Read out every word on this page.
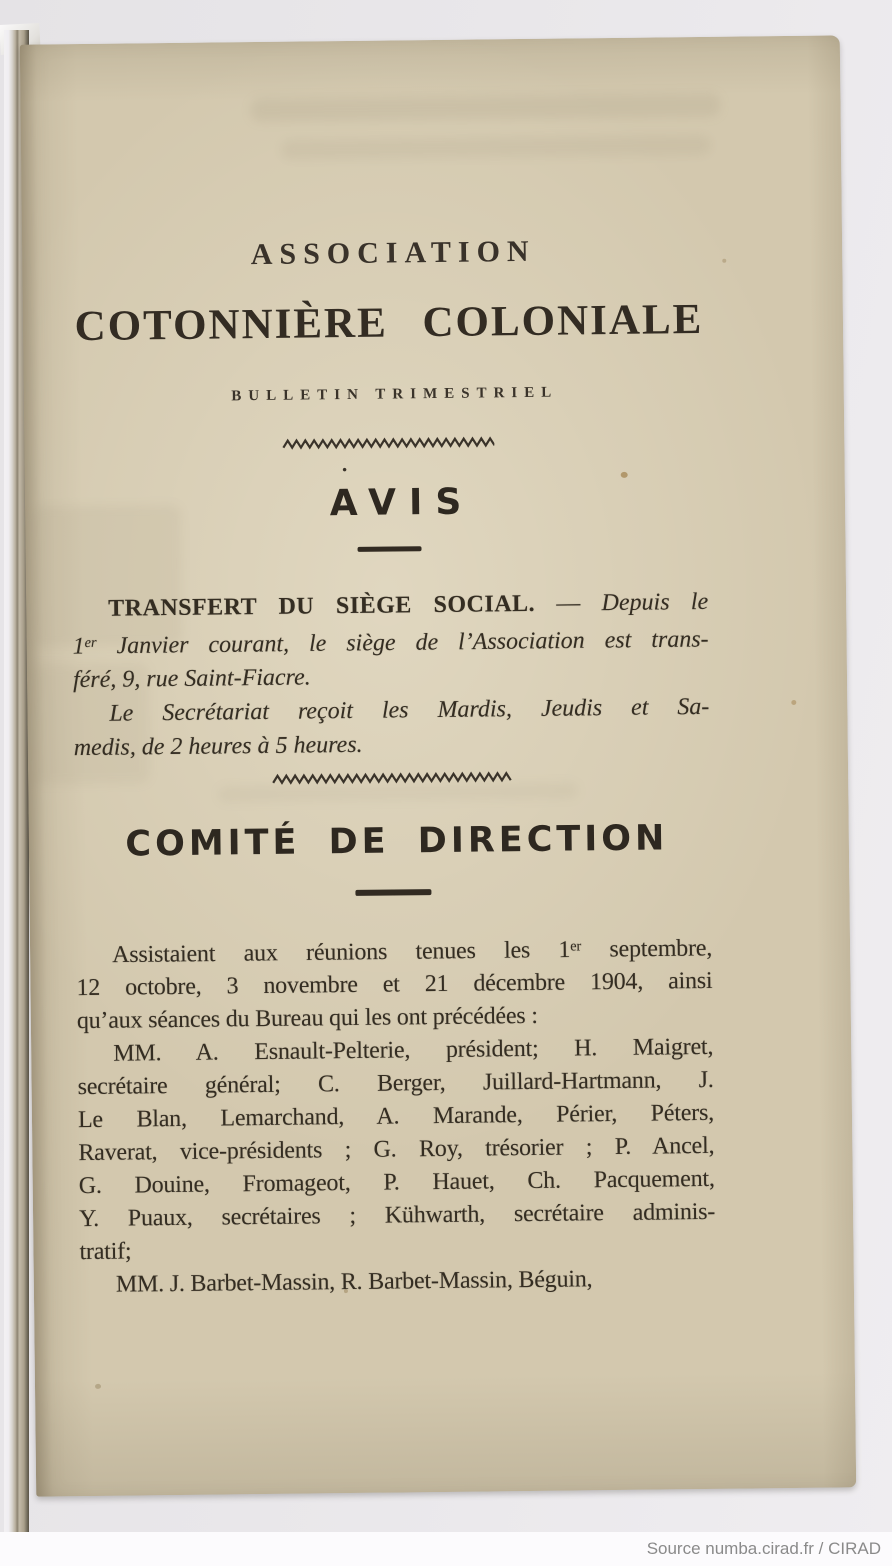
ASSOCIATION
COTONNIÈRE COLONIALE
BULLETIN TRIMESTRIEL
.
AVIS
TRANSFERT DU SIÈGE SOCIAL. — Depuis le
1er Janvier courant, le siège de l’Association est trans-
féré, 9, rue Saint-Fiacre.
Le Secrétariat reçoit les Mardis, Jeudis et Sa-
medis, de 2 heures à 5 heures.
COMITÉ DE DIRECTION
Assistaient aux réunions tenues les 1er septembre,
12 octobre, 3 novembre et 21 décembre 1904, ainsi
qu’aux séances du Bureau qui les ont précédées :
MM. A. Esnault-Pelterie, président; H. Maigret,
secrétaire général; C. Berger, Juillard-Hartmann, J.
Le Blan, Lemarchand, A. Marande, Périer, Péters,
Raverat, vice-présidents ; G. Roy, trésorier ; P. Ancel,
G. Douine, Fromageot, P. Hauet, Ch. Pacquement,
Y. Puaux, secrétaires ; Kühwarth, secrétaire adminis-
tratif;
MM. J. Barbet-Massin, R. Barbet-Massin, Béguin,
Source numba.cirad.fr / CIRAD
